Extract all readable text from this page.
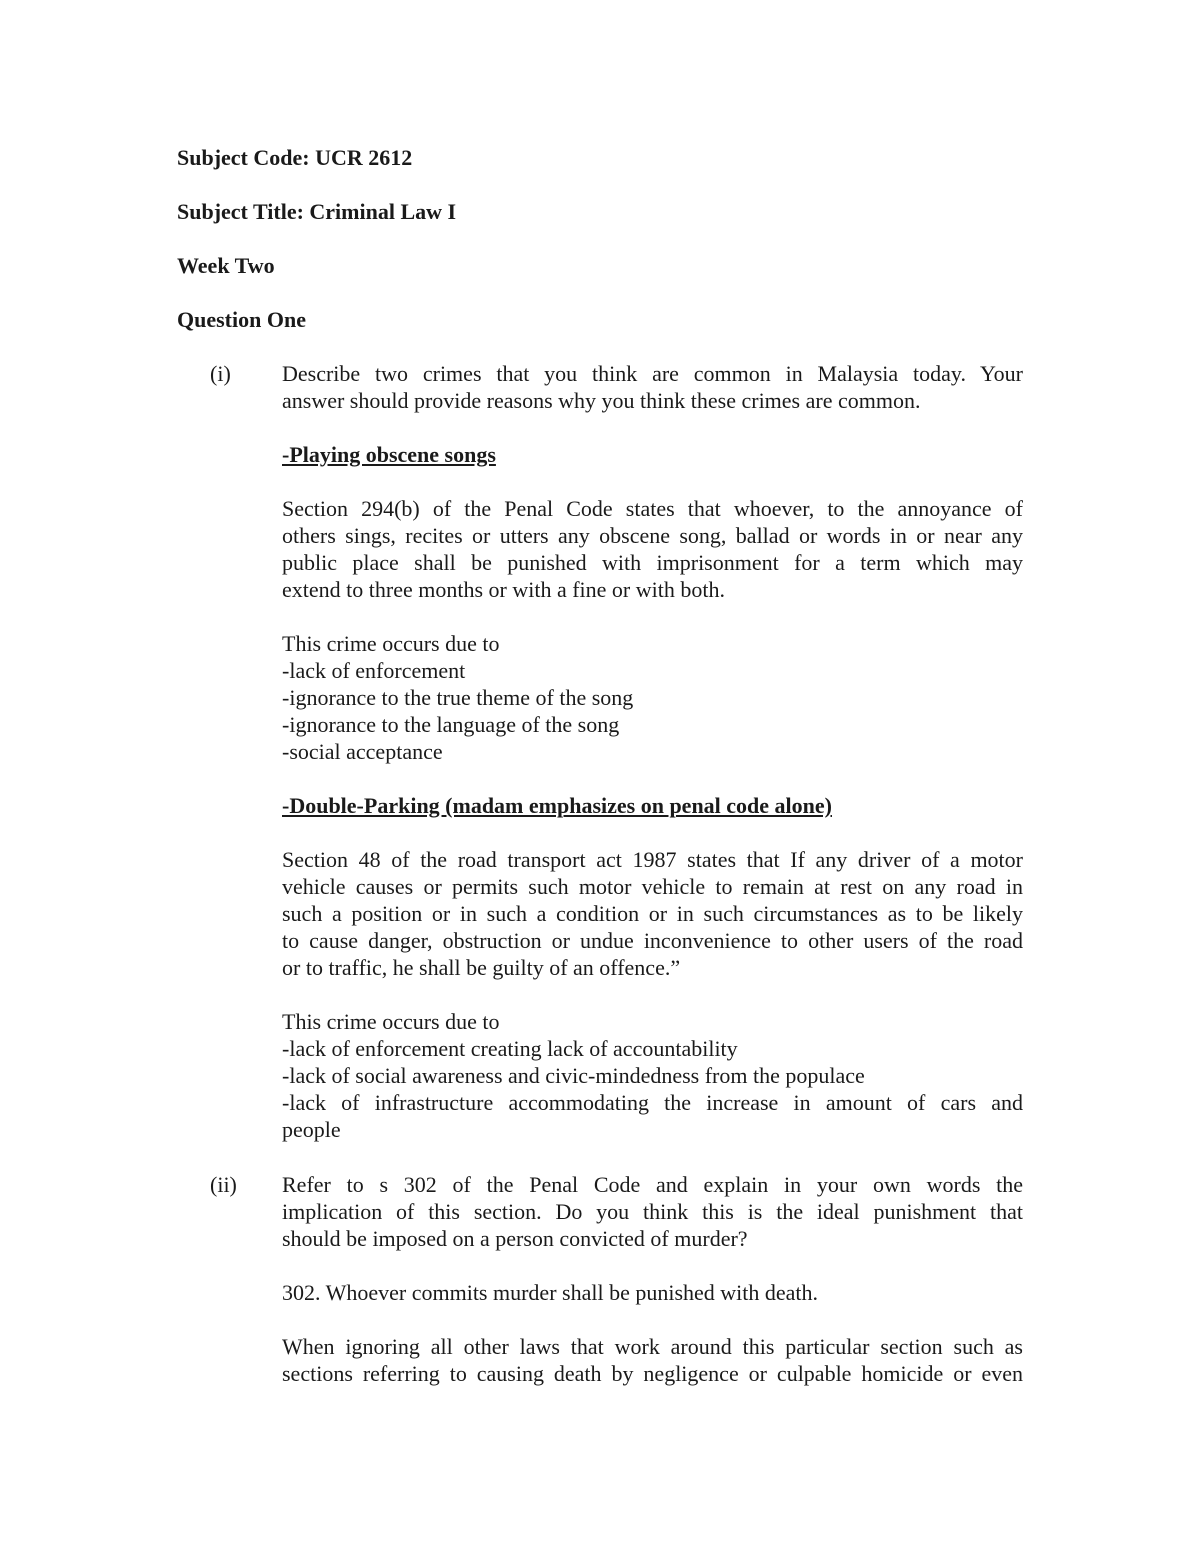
Subject Code: UCR 2612
Subject Title: Criminal Law I
Week Two
Question One
(i) Describe two crimes that you think are common in Malaysia today. Your
answer should provide reasons why you think these crimes are common.
-Playing obscene songs
Section 294(b) of the Penal Code states that whoever, to the annoyance of
others sings, recites or utters any obscene song, ballad or words in or near any
public place shall be punished with imprisonment for a term which may
extend to three months or with a fine or with both.
This crime occurs due to
-lack of enforcement
-ignorance to the true theme of the song
-ignorance to the language of the song
-social acceptance
-Double-Parking (madam emphasizes on penal code alone)
Section 48 of the road transport act 1987 states that If any driver of a motor
vehicle causes or permits such motor vehicle to remain at rest on any road in
such a position or in such a condition or in such circumstances as to be likely
to cause danger, obstruction or undue inconvenience to other users of the road
or to traffic, he shall be guilty of an offence.”
This crime occurs due to
-lack of enforcement creating lack of accountability
-lack of social awareness and civic-mindedness from the populace
-lack of infrastructure accommodating the increase in amount of cars and
people
(ii) Refer to s 302 of the Penal Code and explain in your own words the
implication of this section. Do you think this is the ideal punishment that
should be imposed on a person convicted of murder?
302. Whoever commits murder shall be punished with death.
When ignoring all other laws that work around this particular section such as
sections referring to causing death by negligence or culpable homicide or even
